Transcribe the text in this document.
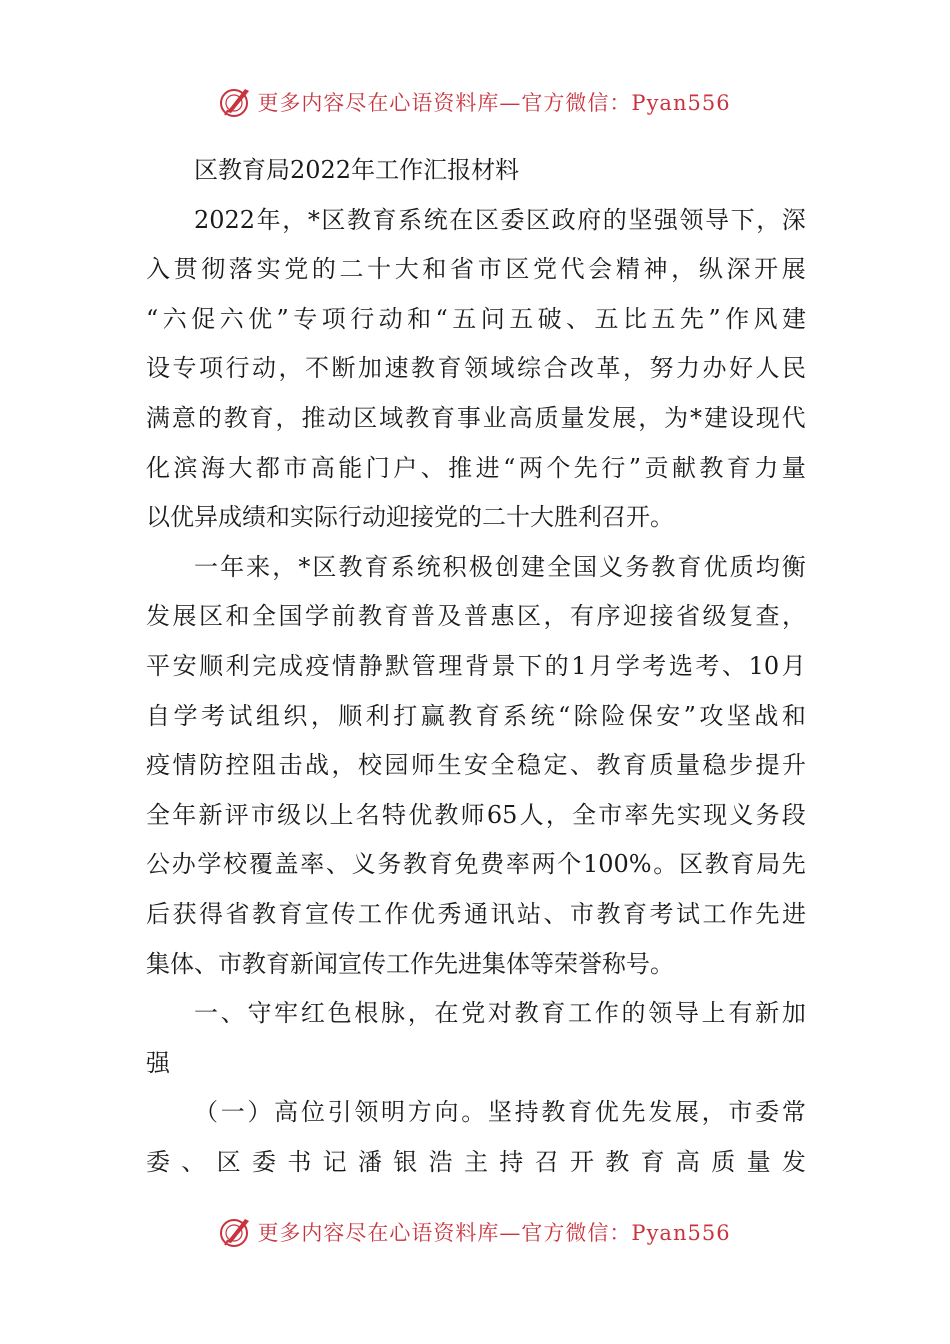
更多内容尽在心语资料库—官方微信：Pyan556
区教育局2022年工作汇报材料
2022 年 ， * 区 教 育 系 统 在 区 委 区 政 府 的 坚 强 领 导 下 ， 深
入 贯 彻 落 实 党 的 二 十 大 和 省 市 区 党 代 会 精 神 ， 纵 深 开 展
“ 六 促 六 优 ” 专 项 行 动 和 “ 五 问 五 破 、 五 比 五 先 ” 作 风 建
设 专 项 行 动 ， 不 断 加 速 教 育 领 域 综 合 改 革 ， 努 力 办 好 人 民
满 意 的 教 育 ， 推 动 区 域 教 育 事 业 高 质 量 发 展 ， 为 * 建 设 现 代
化 滨 海 大 都 市 高 能 门 户 、 推 进 “ 两 个 先 行 ” 贡 献 教 育 力 量
以优异成绩和实际行动迎接党的二十大胜利召开。
一 年 来 ， * 区 教 育 系 统 积 极 创 建 全 国 义 务 教 育 优 质 均 衡
发 展 区 和 全 国 学 前 教 育 普 及 普 惠 区 ， 有 序 迎 接 省 级 复 查 ，
平 安 顺 利 完 成 疫 情 静 默 管 理 背 景 下 的 1 月 学 考 选 考 、 10 月
自 学 考 试 组 织 ， 顺 利 打 赢 教 育 系 统 “ 除 险 保 安 ” 攻 坚 战 和
疫 情 防 控 阻 击 战 ， 校 园 师 生 安 全 稳 定 、 教 育 质 量 稳 步 提 升
全 年 新 评 市 级 以 上 名 特 优 教 师 65 人 ， 全 市 率 先 实 现 义 务 段
公 办 学 校 覆 盖 率 、 义 务 教 育 免 费 率 两 个 100% 。 区 教 育 局 先
后 获 得 省 教 育 宣 传 工 作 优 秀 通 讯 站 、 市 教 育 考 试 工 作 先 进
集体、市教育新闻宣传工作先进集体等荣誉称号。
一 、 守 牢 红 色 根 脉 ， 在 党 对 教 育 工 作 的 领 导 上 有 新 加
强
（ 一 ） 高 位 引 领 明 方 向 。 坚 持 教 育 优 先 发 展 ， 市 委 常
委 、 区 委 书 记 潘 银 浩 主 持 召 开 教 育 高 质 量 发
更多内容尽在心语资料库—官方微信：Pyan556
